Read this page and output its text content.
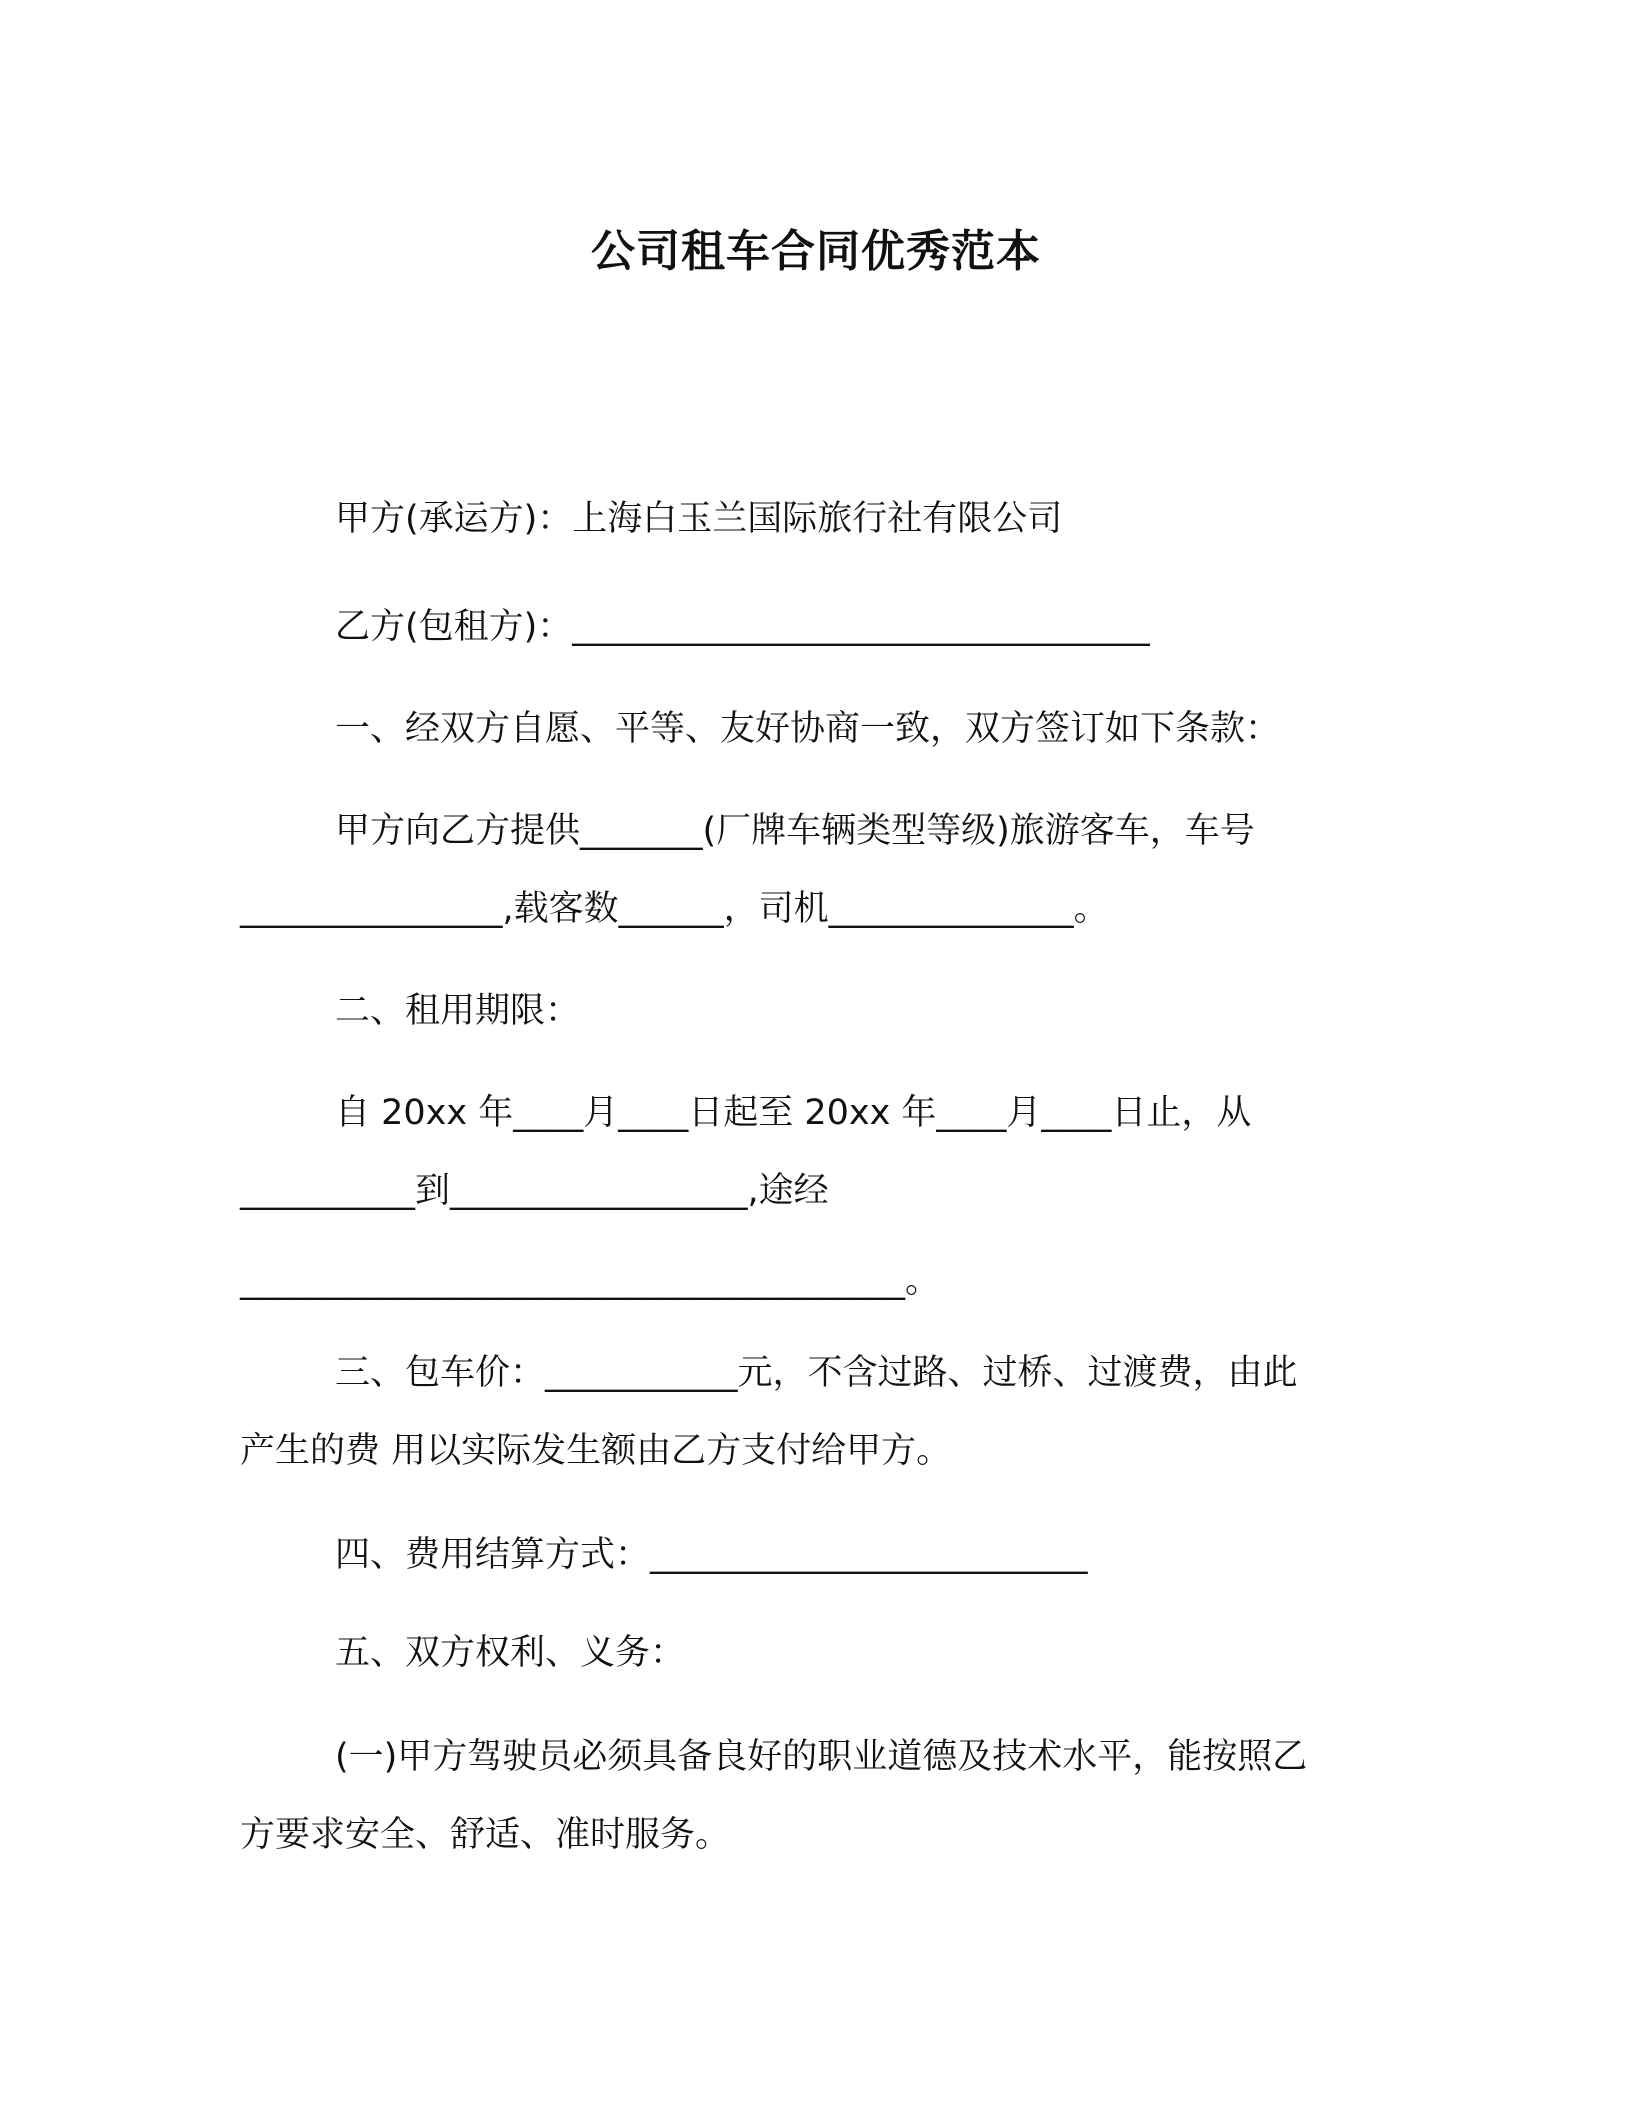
公司租车合同优秀范本

甲方(承运方)：上海白玉兰国际旅行社有限公司

乙方(包租方)：_________________________________

一、经双方自愿、平等、友好协商一致，双方签订如下条款：

甲方向乙方提供_______(厂牌车辆类型等级)旅游客车，车号
_______________,载客数______，司机______________。

二、租用期限：

自 20xx 年____月____日起至 20xx 年____月____日止，从
__________到_________________,途经
______________________________________。

三、包车价：___________元，不含过路、过桥、过渡费，由此
产生的费 用以实际发生额由乙方支付给甲方。

四、费用结算方式：_________________________

五、双方权利、义务：

(一)甲方驾驶员必须具备良好的职业道德及技术水平，能按照乙
方要求安全、舒适、准时服务。
